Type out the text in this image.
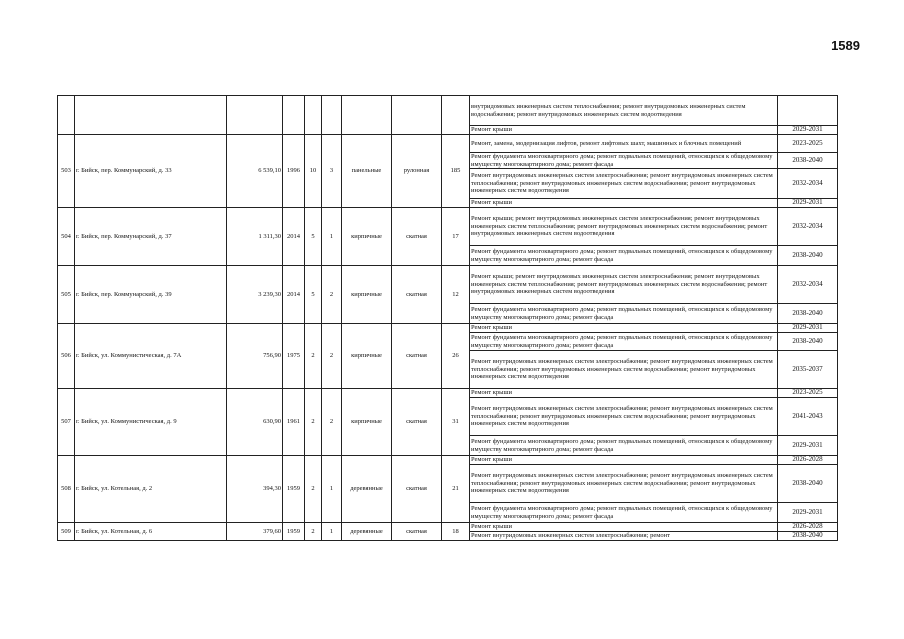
1589
									внутридомовых инженерных систем теплоснабжения; ремонт внутридомовых инженерных систем водоснабжения; ремонт внутридомовых инженерных систем водоотведения	
									Ремонт крыши	2029-2031
503	г. Бийск, пер. Коммунарский, д. 33	6 539,10	1996	10	3	панельные	рулонная	185	Ремонт, замена, модернизация лифтов, ремонт лифтовых шахт, машинных и блочных помещений	2023-2025
									Ремонт фундамента многоквартирного дома; ремонт подвальных помещений, относящихся к общедомовому имуществу многоквартирного дома; ремонт фасада	2038-2040
									Ремонт внутридомовых инженерных систем электроснабжения; ремонт внутридомовых инженерных систем теплоснабжения; ремонт внутридомовых инженерных систем водоснабжения; ремонт внутридомовых инженерных систем водоотведения	2032-2034
									Ремонт крыши	2029-2031
504	г. Бийск, пер. Коммунарский, д. 37	1 311,30	2014	5	1	кирпичные	скатная	17	Ремонт крыши; ремонт внутридомовых инженерных систем электроснабжения; ремонт внутридомовых инженерных систем теплоснабжения; ремонт внутридомовых инженерных систем водоснабжения; ремонт внутридомовых инженерных систем водоотведения	2032-2034
									Ремонт фундамента многоквартирного дома; ремонт подвальных помещений, относящихся к общедомовому имуществу многоквартирного дома; ремонт фасада	2038-2040
505	г. Бийск, пер. Коммунарский, д. 39	3 239,30	2014	5	2	кирпичные	скатная	12	Ремонт крыши; ремонт внутридомовых инженерных систем электроснабжения; ремонт внутридомовых инженерных систем теплоснабжения; ремонт внутридомовых инженерных систем водоснабжения; ремонт внутридомовых инженерных систем водоотведения	2032-2034
									Ремонт фундамента многоквартирного дома; ремонт подвальных помещений, относящихся к общедомовому имуществу многоквартирного дома; ремонт фасада	2038-2040
506	г. Бийск, ул. Коммунистическая, д. 7А	756,90	1975	2	2	кирпичные	скатная	26	Ремонт крыши	2029-2031
									Ремонт фундамента многоквартирного дома; ремонт подвальных помещений, относящихся к общедомовому имуществу многоквартирного дома; ремонт фасада	2038-2040
									Ремонт внутридомовых инженерных систем электроснабжения; ремонт внутридомовых инженерных систем теплоснабжения; ремонт внутридомовых инженерных систем водоснабжения; ремонт внутридомовых инженерных систем водоотведения	2035-2037
507	г. Бийск, ул. Коммунистическая, д. 9	630,90	1961	2	2	кирпичные	скатная	31	Ремонт крыши	2023-2025
									Ремонт внутридомовых инженерных систем электроснабжения; ремонт внутридомовых инженерных систем теплоснабжения; ремонт внутридомовых инженерных систем водоснабжения; ремонт внутридомовых инженерных систем водоотведения	2041-2043
									Ремонт фундамента многоквартирного дома; ремонт подвальных помещений, относящихся к общедомовому имуществу многоквартирного дома; ремонт фасада	2029-2031
508	г. Бийск, ул. Котельная, д. 2	394,30	1959	2	1	деревянные	скатная	21	Ремонт крыши	2026-2028
									Ремонт внутридомовых инженерных систем электроснабжения; ремонт внутридомовых инженерных систем теплоснабжения; ремонт внутридомовых инженерных систем водоснабжения; ремонт внутридомовых инженерных систем водоотведения	2038-2040
									Ремонт фундамента многоквартирного дома; ремонт подвальных помещений, относящихся к общедомовому имуществу многоквартирного дома; ремонт фасада	2029-2031
509	г. Бийск, ул. Котельная, д. 6	379,60	1959	2	1	деревянные	скатная	18	Ремонт крыши	2026-2028
									Ремонт внутридомовых инженерных систем электроснабжения; ремонт	2038-2040
